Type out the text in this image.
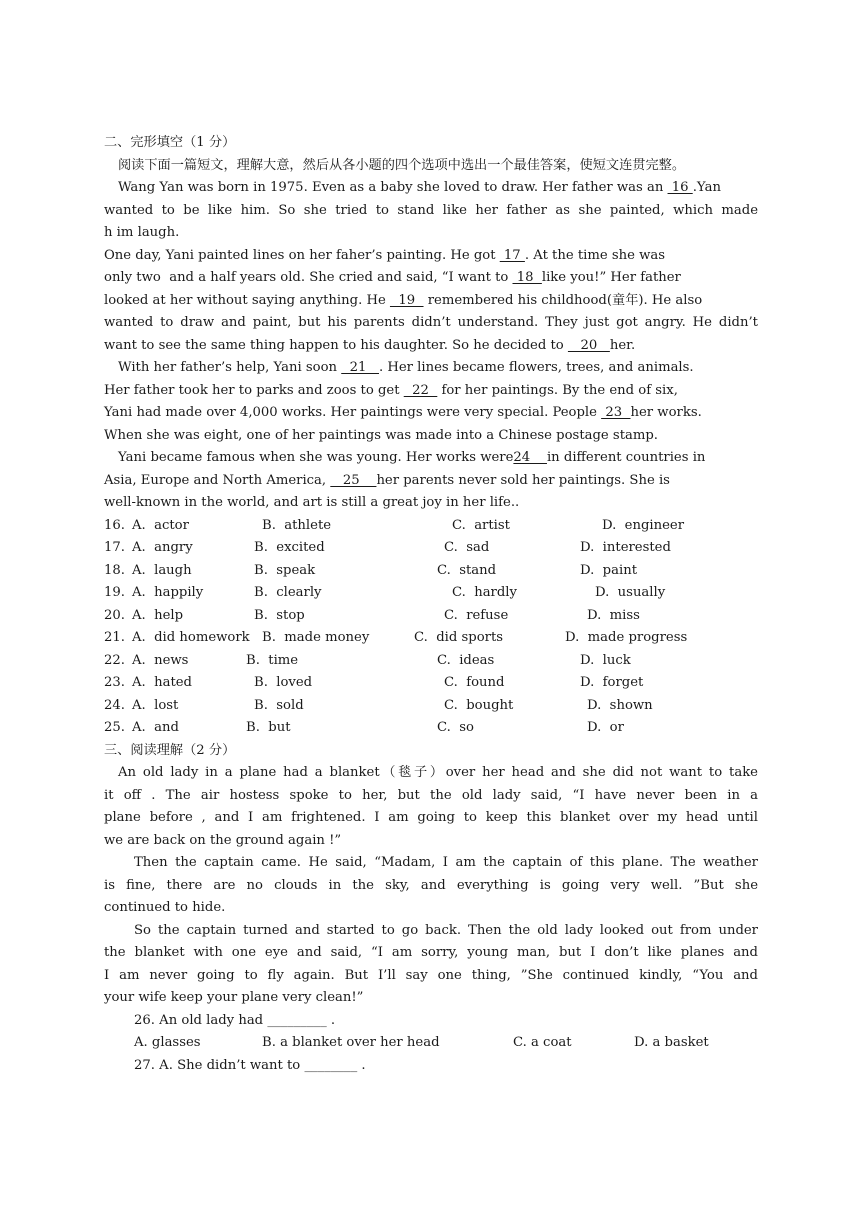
二、完形填空（1 分）
阅读下面一篇短文，理解大意，然后从各小题的四个选项中选出一个最佳答案，使短文连贯完整。
Wang Yan was born in 1975. Even as a baby she loved to draw. Her father was an  16 .Yan
wanted to be like him. So she tried to stand like her father as she painted, which made
h im laugh.
One day, Yani painted lines on her faher’s painting. He got  17 . At the time she was
only two  and a half years old. She cried and said, “I want to  18  like you!” Her father
looked at her without saying anything. He   19   remembered his childhood(童年). He also
wanted to draw and paint, but his parents didn’t understand. They just got angry. He didn’t
want to see the same thing happen to his daughter. So he decided to    20   her.
With her father’s help, Yani soon   21   . Her lines became flowers, trees, and animals.
Her father took her to parks and zoos to get   22   for her paintings. By the end of six,
Yani had made over 4,000 works. Her paintings were very special. People  23  her works.
When she was eight, one of her paintings was made into a Chinese postage stamp.
Yani became famous when she was young. Her works were24    in different countries in
Asia, Europe and North America,    25    her parents never sold her paintings. She is
well-known in the world, and art is still a great joy in her life..
16. A.  actor	B.  athlete	C.  artist	D.  engineer
17. A.  angry	B.  excited	C.  sad	D.  interested
18. A.  laugh	B.  speak	C.  stand	D.  paint
19. A.  happily	B.  clearly	C.  hardly	D.  usually
20. A.  help	B.  stop	C.  refuse	D.  miss
21. A.  did homework B.  made money	C.  did sports	D.  made progress
22. A.  news	B.  time	C.  ideas	D.  luck
23. A.  hated	B.  loved	C.  found	D.  forget
24. A.  lost	B.  sold	C.  bought	D.  shown
25. A.  and	B.  but	C.  so	D.  or
三、阅读理解（2 分）
An old lady in a plane had a blanket（毯子）over her head and she did not want to take
it off . The air hostess spoke to her, but the old lady said, “I have never been in a
plane before , and I am frightened. I am going to keep this blanket over my head until
we are back on the ground again !”
Then the captain came. He said, “Madam, I am the captain of this plane. The weather
is fine, there are no clouds in the sky, and everything is going very well. ”But she
continued to hide.
So the captain turned and started to go back. Then the old lady looked out from under
the blanket with one eye and said, “I am sorry, young man, but I don’t like planes and
I am never going to fly again. But I’ll say one thing, ”She continued kindly, “You and
your wife keep your plane very clean!”
26. An old lady had _________ .
A. glasses	B. a blanket over her head	C. a coat	D. a basket
27. A. She didn’t want to ________ .
